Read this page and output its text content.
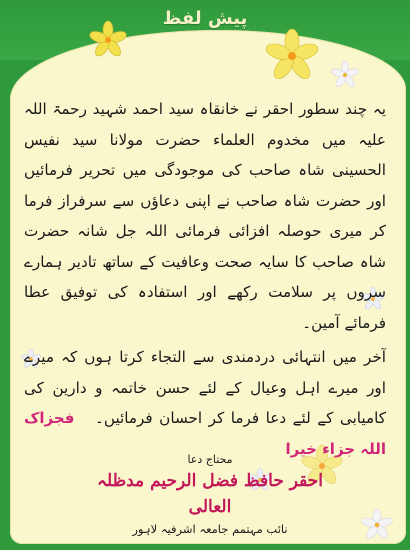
پیش لفظ

یہ چند سطور احقر نے خانقاہ سید احمد شہید رحمۃ اللہ علیہ میں مخدوم العلماء حضرت مولانا سید نفیس الحسینی شاہ صاحب کی موجودگی میں تحریر فرمائیں اور حضرت شاہ صاحب نے اپنی دعاؤں سے سرفراز فرما کر میری حوصلہ افزائی فرمائی اللہ جل شانہ حضرت شاہ صاحب کا سایہ صحت وعافیت کے ساتھ تادیر ہمارے سروں پر سلامت رکھے اور استفادہ کی توفیق عطا فرمائے آمین۔

آخر میں انتہائی دردمندی سے التجاء کرتا ہوں کہ میرے اور میرے اہل وعیال کے لئے حسن خاتمہ و دارین کی کامیابی کے لئے دعا فرما کر احسان فرمائیں۔ فجزاک اللہ جزاء خیرا

محتاج دعا
احقر حافظ فضل الرحیم مدظلہ العالی
نائب مہتمم جامعہ اشرفیہ لاہور
